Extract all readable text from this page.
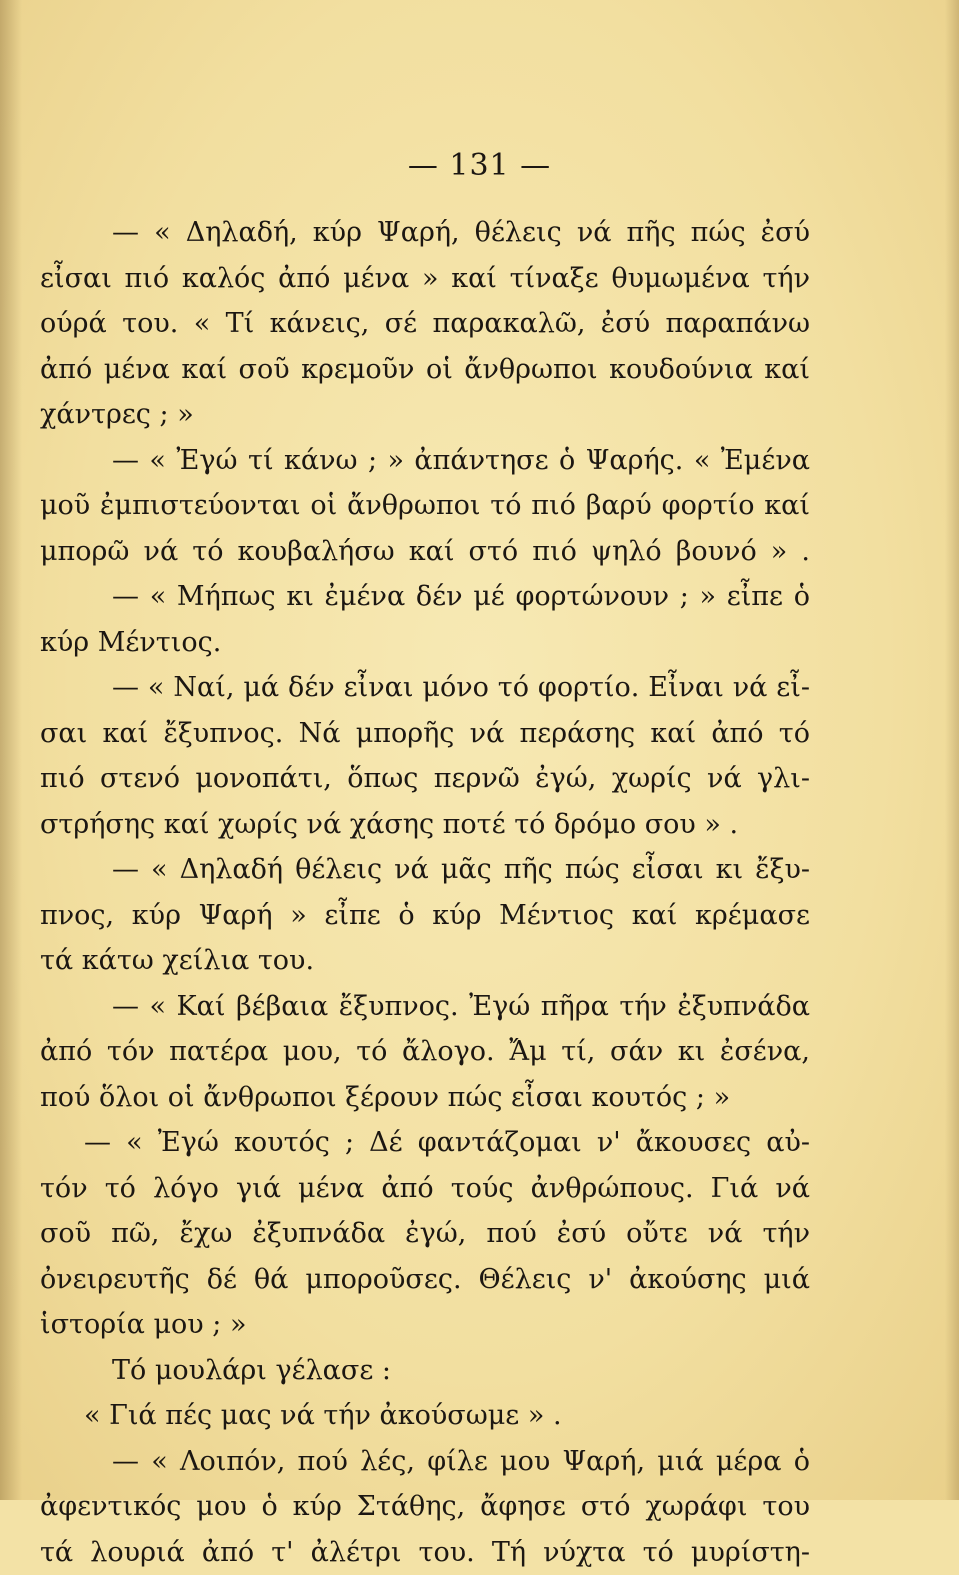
— 131 —
— « Δηλαδή, κύρ Ψαρή, θέλεις νά πῆς πώς ἐσύ
εἶσαι πιό καλός ἀπό μένα » καί τίναξε θυμωμένα τήν
ούρά του. « Τί κάνεις, σέ παρακαλῶ, ἐσύ παραπάνω
ἀπό μένα καί σοῦ κρεμοῦν οἱ ἄνθρωποι κουδούνια καί
χάντρες ; »
— « Ἐγώ τί κάνω ; » ἀπάντησε ὁ Ψαρής. « Ἐμένα
μοῦ ἐμπιστεύονται οἱ ἄνθρωποι τό πιό βαρύ φορτίο καί
μπορῶ νά τό κουβαλήσω καί στό πιό ψηλό βουνό » .
— « Μήπως κι ἐμένα δέν μέ φορτώνουν ; » εἶπε ὁ
κύρ Μέντιος.
— « Ναί, μά δέν εἶναι μόνο τό φορτίο. Εἶναι νά εἶ-
σαι καί ἔξυπνος. Νά μπορῆς νά περάσης καί ἀπό τό
πιό στενό μονοπάτι, ὅπως περνῶ ἐγώ, χωρίς νά γλι-
στρήσης καί χωρίς νά χάσης ποτέ τό δρόμο σου » .
— « Δηλαδή θέλεις νά μᾶς πῆς πώς εἶσαι κι ἔξυ-
πνος, κύρ Ψαρή » εἶπε ὁ κύρ Μέντιος καί κρέμασε
τά κάτω χείλια του.
— « Καί βέβαια ἔξυπνος. Ἐγώ πῆρα τήν ἐξυπνάδα
ἀπό τόν πατέρα μου, τό ἄλογο. Ἄμ τί, σάν κι ἐσένα,
πού ὅλοι οἱ ἄνθρωποι ξέρουν πώς εἶσαι κουτός ; »
— « Ἐγώ κουτός ; Δέ φαντάζομαι ν' ἄκουσες αὐ-
τόν τό λόγο γιά μένα ἀπό τούς ἀνθρώπους. Γιά νά
σοῦ πῶ, ἔχω ἐξυπνάδα ἐγώ, πού ἐσύ οὔτε νά τήν
ὀνειρευτῆς δέ θά μποροῦσες. Θέλεις ν' ἀκούσης μιά
ἱστορία μου ; »
Τό μουλάρι γέλασε :
« Γιά πές μας νά τήν ἀκούσωμε » .
— « Λοιπόν, πού λές, φίλε μου Ψαρή, μιά μέρα ὁ
ἀφεντικός μου ὁ κύρ Στάθης, ἄφησε στό χωράφι του
τά λουριά ἀπό τ' ἀλέτρι του. Τή νύχτα τό μυρίστη-
